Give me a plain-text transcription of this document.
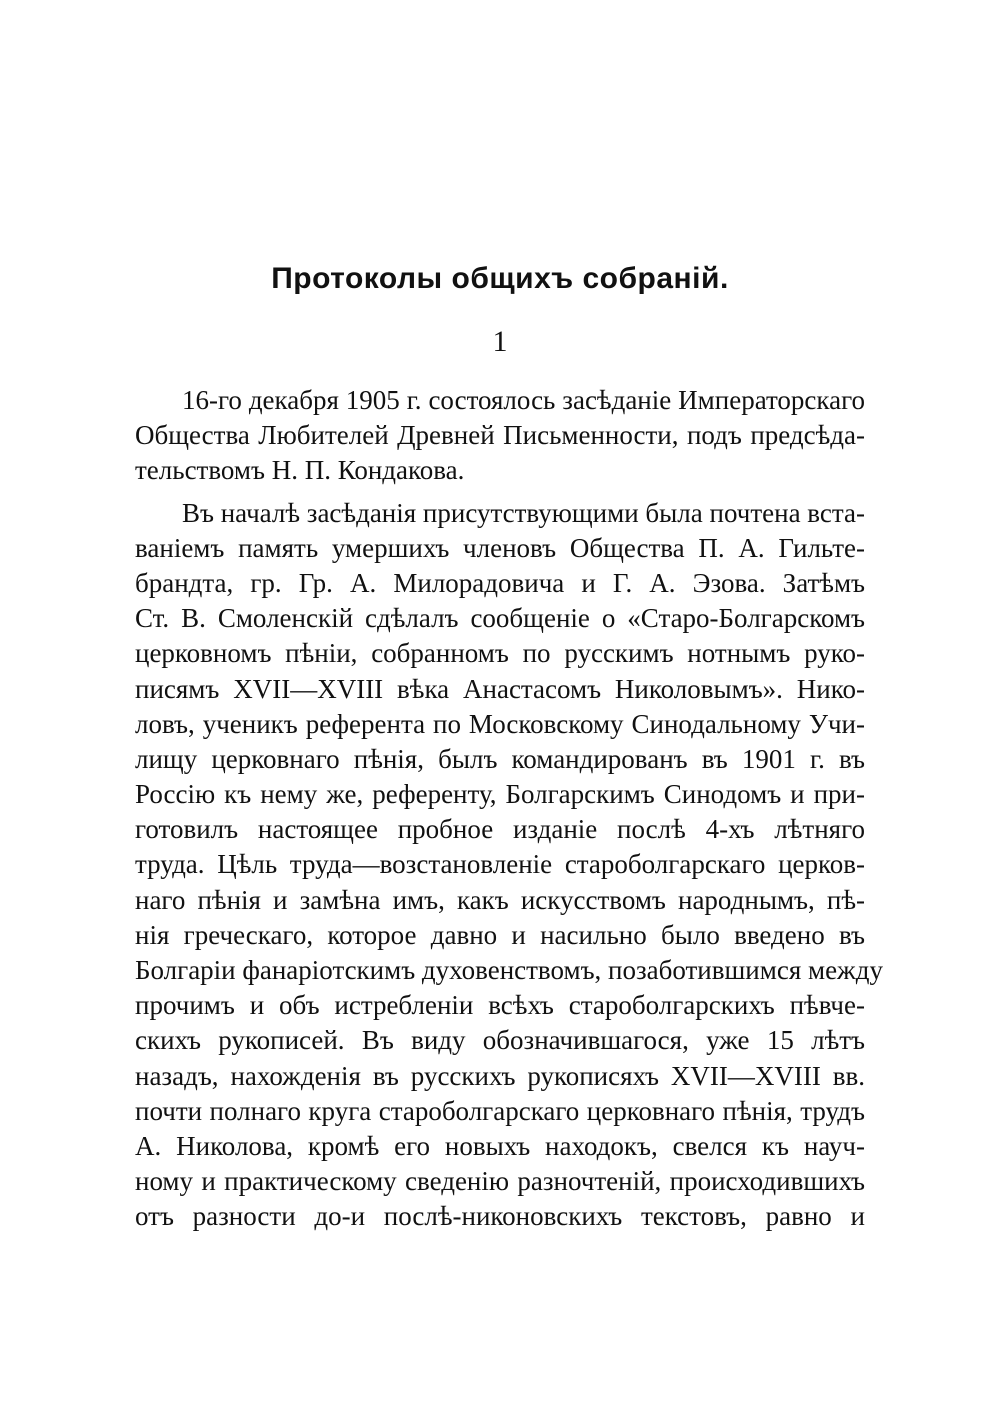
Протоколы общихъ собраній.
1
16-го декабря 1905 г. состоялось засѣданіе Императорскаго
Общества Любителей Древней Письменности, подъ предсѣда-
тельствомъ Н. П. Кондакова.
Въ началѣ засѣданія присутствующими была почтена вста-
ваніемъ память умершихъ членовъ Общества П. А. Гильте-
брандта, гр. Гр. А. Милорадовича и Г. А. Эзова. Затѣмъ
Ст. В. Смоленскій сдѣлалъ сообщеніе о «Старо-Болгарскомъ
церковномъ пѣніи, собранномъ по русскимъ нотнымъ руко-
писямъ XVII—XVIII вѣка Анастасомъ Николовымъ». Нико-
ловъ, ученикъ референта по Московскому Синодальному Учи-
лищу церковнаго пѣнія, былъ командированъ въ 1901 г. въ
Россію къ нему же, референту, Болгарскимъ Синодомъ и при-
готовилъ настоящее пробное изданіе послѣ 4-хъ лѣтняго
труда. Цѣль труда—возстановленіе староболгарскаго церков-
наго пѣнія и замѣна имъ, какъ искусствомъ народнымъ, пѣ-
нія греческаго, которое давно и насильно было введено въ
Болгаріи фанаріотскимъ духовенствомъ, позаботившимся между
прочимъ и объ истребленіи всѣхъ староболгарскихъ пѣвче-
скихъ рукописей. Въ виду обозначившагося, уже 15 лѣтъ
назадъ, нахожденія въ русскихъ рукописяхъ XVII—XVIII вв.
почти полнаго круга староболгарскаго церковнаго пѣнія, трудъ
А. Николова, кромѣ его новыхъ находокъ, свелся къ науч-
ному и практическому сведенію разночтеній, происходившихъ
отъ разности до-и послѣ-никоновскихъ текстовъ, равно и
